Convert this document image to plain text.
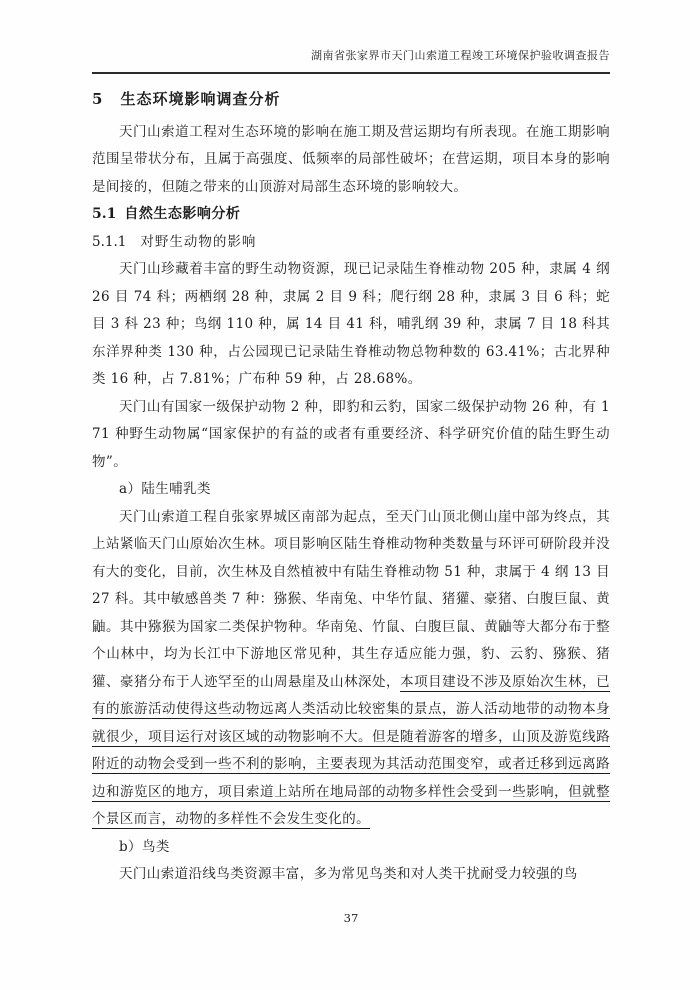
湖南省张家界市天门山索道工程竣工环境保护验收调查报告
5 生态环境影响调查分析

天门山索道工程对生态环境的影响在施工期及营运期均有所表现。在施工期影响范围呈带状分布，且属于高强度、低频率的局部性破坏；在营运期，项目本身的影响是间接的，但随之带来的山顶游对局部生态环境的影响较大。

5.1 自然生态影响分析
5.1.1 对野生动物的影响

天门山珍藏着丰富的野生动物资源，现已记录陆生脊椎动物 205 种，隶属 4 纲 26 目 74 科；两栖纲 28 种，隶属 2 目 9 科；爬行纲 28 种，隶属 3 目 6 科；蛇目 3 科 23 种；鸟纲 110 种，属 14 目 41 科，哺乳纲 39 种，隶属 7 目 18 科其东洋界种类 130 种，占公园现已记录陆生脊椎动物总物种数的 63.41%；古北界种类 16 种，占 7.81%；广布种 59 种，占 28.68%。

天门山有国家一级保护动物 2 种，即豹和云豹，国家二级保护动物 26 种，有 171 种野生动物属“国家保护的有益的或者有重要经济、科学研究价值的陆生野生动物”。

a）陆生哺乳类

天门山索道工程自张家界城区南部为起点，至天门山顶北侧山崖中部为终点，其上站紧临天门山原始次生林。项目影响区陆生脊椎动物种类数量与环评可研阶段并没有大的变化，目前，次生林及自然植被中有陆生脊椎动物 51 种，隶属于 4 纲 13 目 27 科。其中敏感兽类 7 种：猕猴、华南兔、中华竹鼠、猪獾、豪猪、白腹巨鼠、黄鼬。其中猕猴为国家二类保护物种。华南兔、竹鼠、白腹巨鼠、黄鼬等大都分布于整个山林中，均为长江中下游地区常见种，其生存适应能力强，豹、云豹、猕猴、猪獾、豪猪分布于人迹罕至的山周悬崖及山林深处，本项目建设不涉及原始次生林，已有的旅游活动使得这些动物远离人类活动比较密集的景点，游人活动地带的动物本身就很少，项目运行对该区域的动物影响不大。但是随着游客的增多，山顶及游览线路附近的动物会受到一些不利的影响，主要表现为其活动范围变窄，或者迁移到远离路边和游览区的地方，项目索道上站所在地局部的动物多样性会受到一些影响，但就整个景区而言，动物的多样性不会发生变化的。

b）鸟类

天门山索道沿线鸟类资源丰富，多为常见鸟类和对人类干扰耐受力较强的鸟

37
